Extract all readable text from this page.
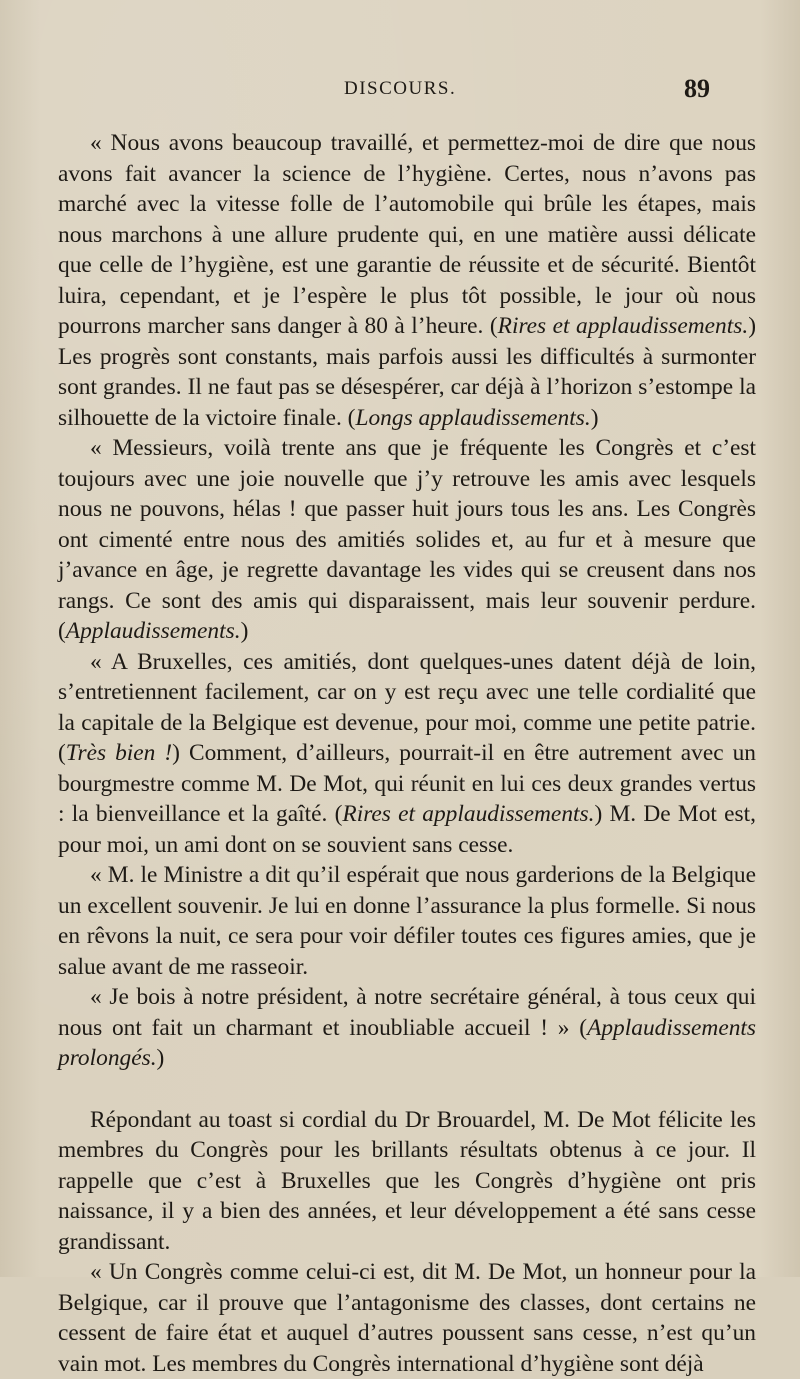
DISCOURS.	89

« Nous avons beaucoup travaillé, et permettez-moi de dire que nous avons fait avancer la science de l’hygiène. Certes, nous n’avons pas marché avec la vitesse folle de l’automobile qui brûle les étapes, mais nous marchons à une allure prudente qui, en une matière aussi délicate que celle de l’hygiène, est une garantie de réussite et de sécurité. Bientôt luira, cependant, et je l’espère le plus tôt possible, le jour où nous pourrons marcher sans danger à 80 à l’heure. (Rires et applaudissements.) Les progrès sont constants, mais parfois aussi les difficultés à surmonter sont grandes. Il ne faut pas se désespérer, car déjà à l’horizon s’estompe la silhouette de la victoire finale. (Longs applaudissements.)

« Messieurs, voilà trente ans que je fréquente les Congrès et c’est toujours avec une joie nouvelle que j’y retrouve les amis avec lesquels nous ne pouvons, hélas ! que passer huit jours tous les ans. Les Congrès ont cimenté entre nous des amitiés solides et, au fur et à mesure que j’avance en âge, je regrette davantage les vides qui se creusent dans nos rangs. Ce sont des amis qui disparaissent, mais leur souvenir perdure. (Applaudissements.)

« A Bruxelles, ces amitiés, dont quelques-unes datent déjà de loin, s’entretiennent facilement, car on y est reçu avec une telle cordialité que la capitale de la Belgique est devenue, pour moi, comme une petite patrie. (Très bien !) Comment, d’ailleurs, pourrait-il en être autrement avec un bourgmestre comme M. De Mot, qui réunit en lui ces deux grandes vertus : la bienveillance et la gaîté. (Rires et applaudissements.) M. De Mot est, pour moi, un ami dont on se souvient sans cesse.

« M. le Ministre a dit qu’il espérait que nous garderions de la Belgique un excellent souvenir. Je lui en donne l’assurance la plus formelle. Si nous en rêvons la nuit, ce sera pour voir défiler toutes ces figures amies, que je salue avant de me rasseoir.

« Je bois à notre président, à notre secrétaire général, à tous ceux qui nous ont fait un charmant et inoubliable accueil ! » (Applaudissements prolongés.)

Répondant au toast si cordial du Dr Brouardel, M. De Mot félicite les membres du Congrès pour les brillants résultats obtenus à ce jour. Il rappelle que c’est à Bruxelles que les Congrès d’hygiène ont pris naissance, il y a bien des années, et leur développement a été sans cesse grandissant.

« Un Congrès comme celui-ci est, dit M. De Mot, un honneur pour la Belgique, car il prouve que l’antagonisme des classes, dont certains ne cessent de faire état et auquel d’autres poussent sans cesse, n’est qu’un vain mot. Les membres du Congrès international d’hygiène sont déjà
